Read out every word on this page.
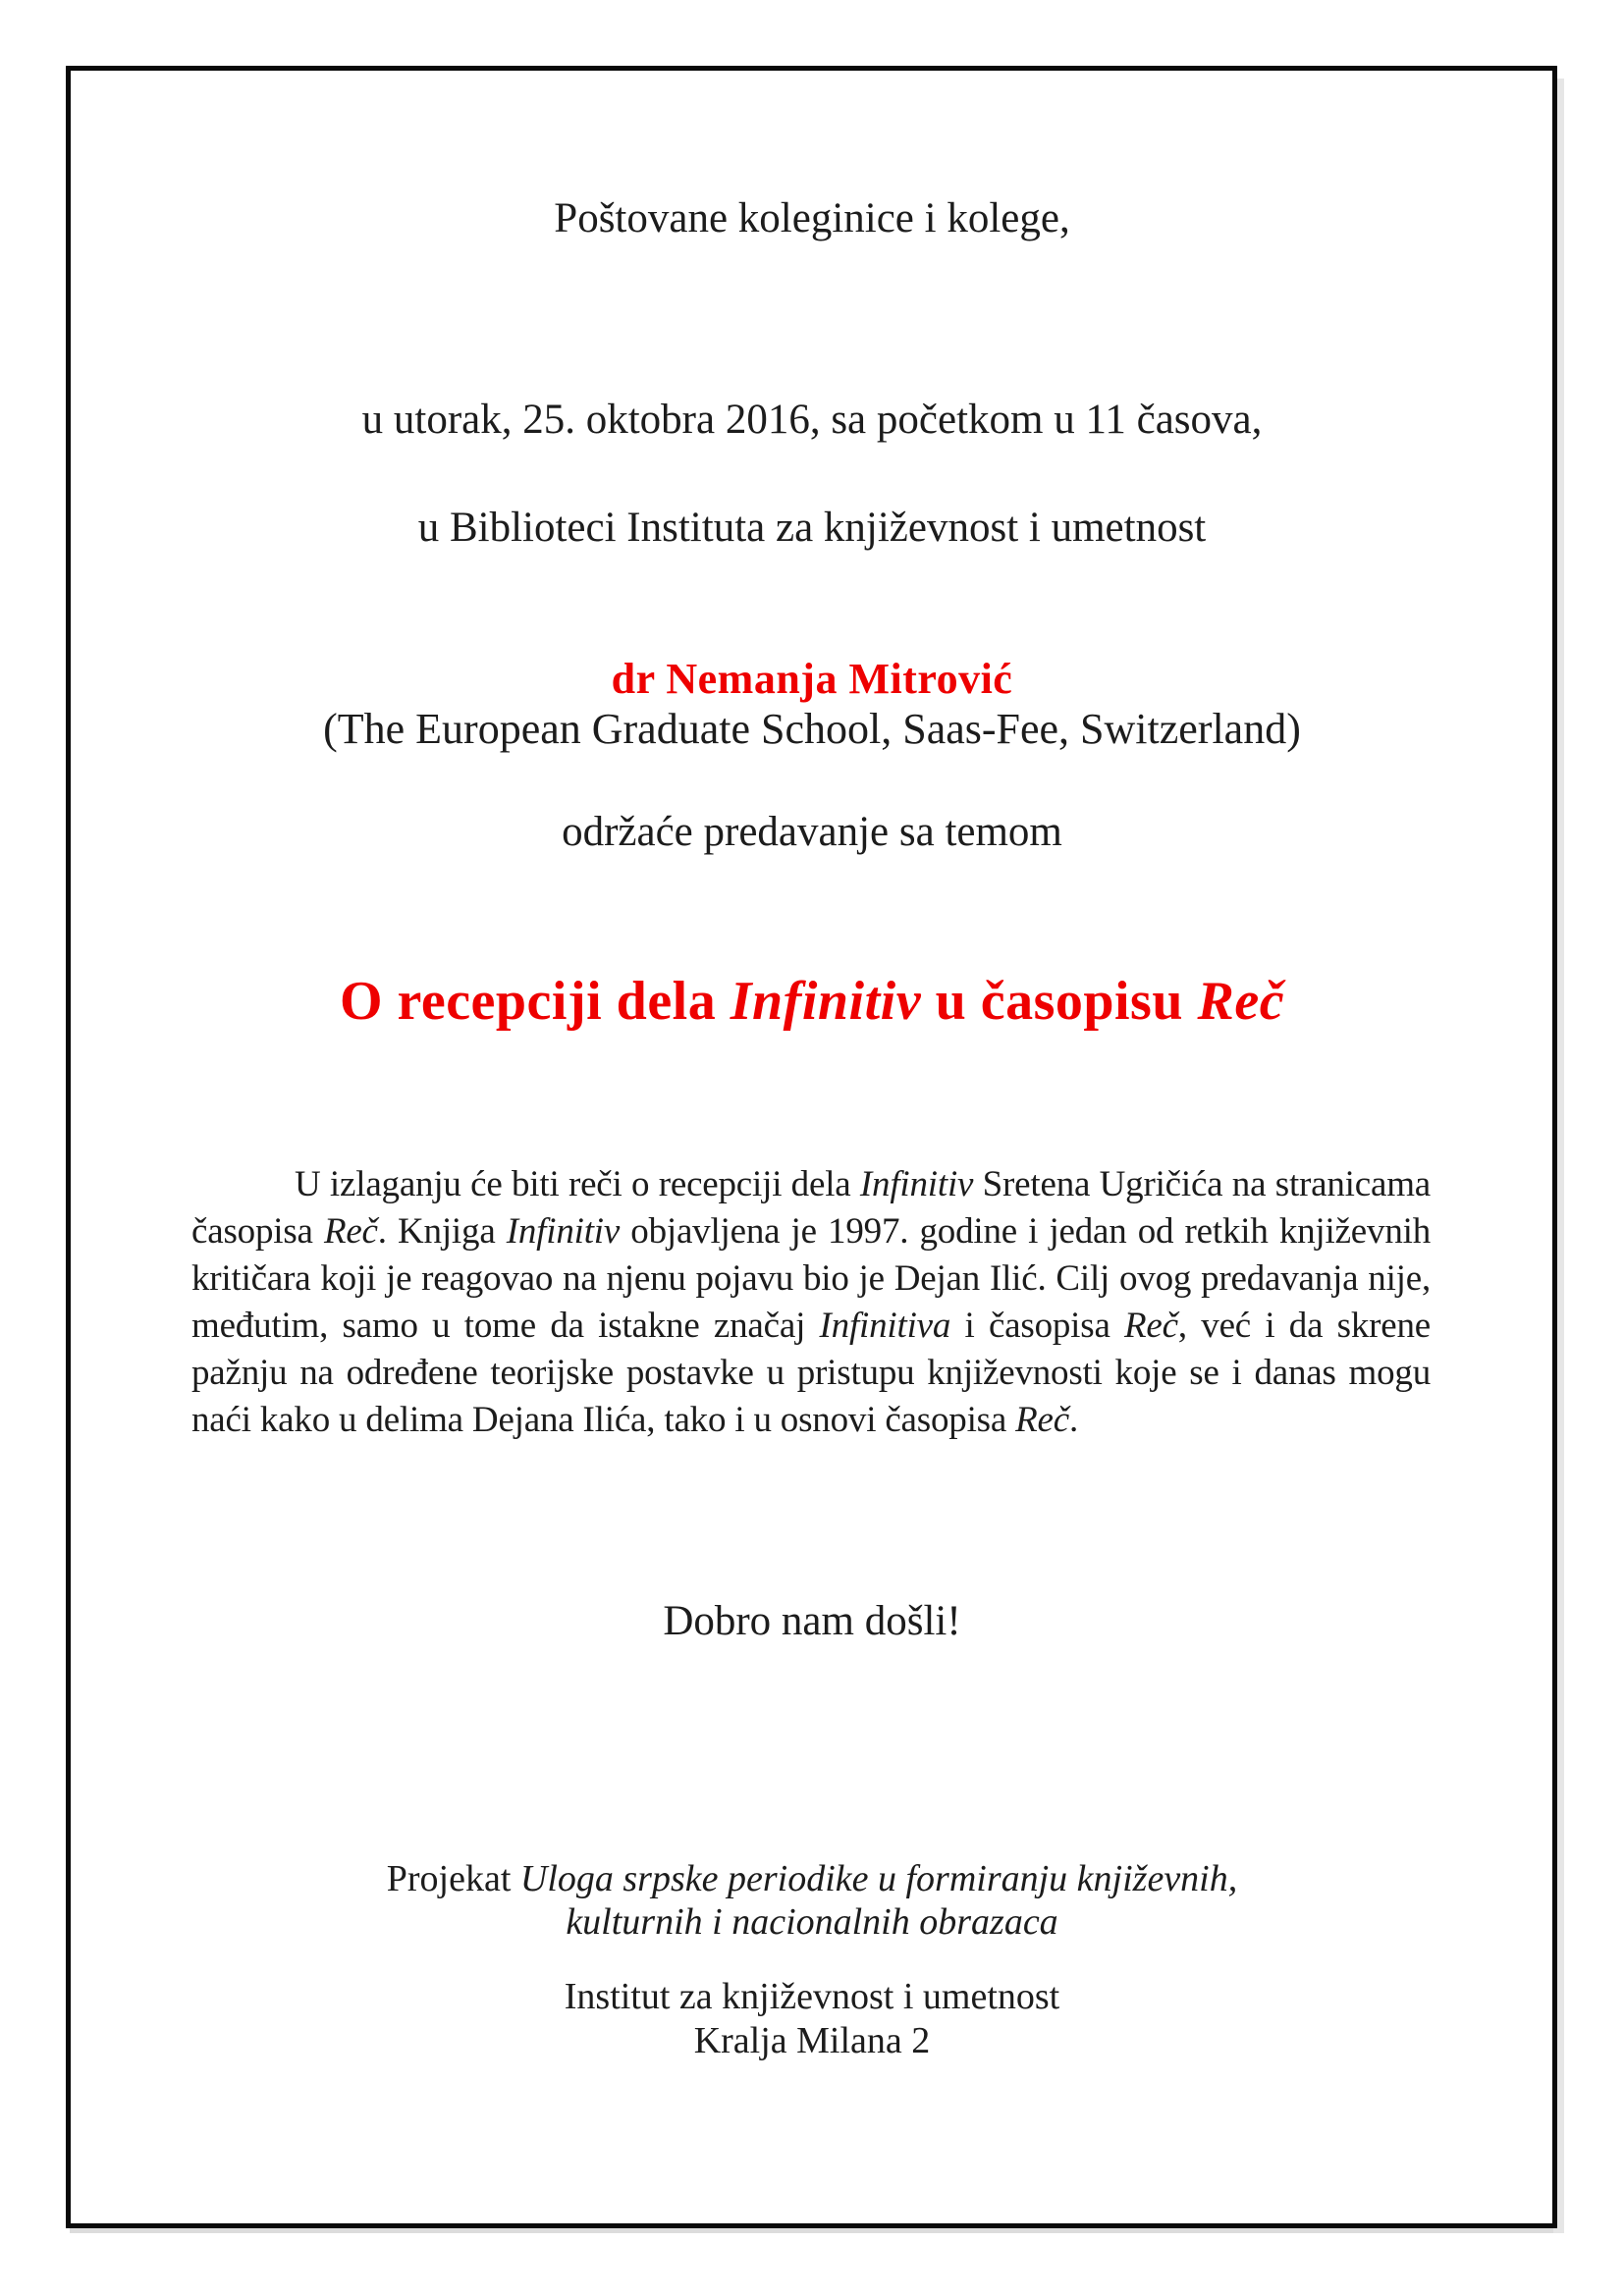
Poštovane koleginice i kolege,
u utorak, 25. oktobra 2016, sa početkom u 11 časova,
u Biblioteci Instituta za književnost i umetnost
dr Nemanja Mitrović
(The European Graduate School, Saas-Fee, Switzerland)
održaće predavanje sa temom
O recepciji dela Infinitiv u časopisu Reč
U izlaganju će biti reči o recepciji dela Infinitiv Sretena Ugričića na stranicama časopisa Reč. Knjiga Infinitiv objavljena je 1997. godine i jedan od retkih književnih kritičara koji je reagovao na njenu pojavu bio je Dejan Ilić. Cilj ovog predavanja nije, međutim, samo u tome da istakne značaj Infinitiva i časopisa Reč, već i da skrene pažnju na određene teorijske postavke u pristupu književnosti koje se i danas mogu naći kako u delima Dejana Ilića, tako i u osnovi časopisa Reč.
Dobro nam došli!
Projekat Uloga srpske periodike u formiranju književnih,
kulturnih i nacionalnih obrazaca
Institut za književnost i umetnost
Kralja Milana 2
